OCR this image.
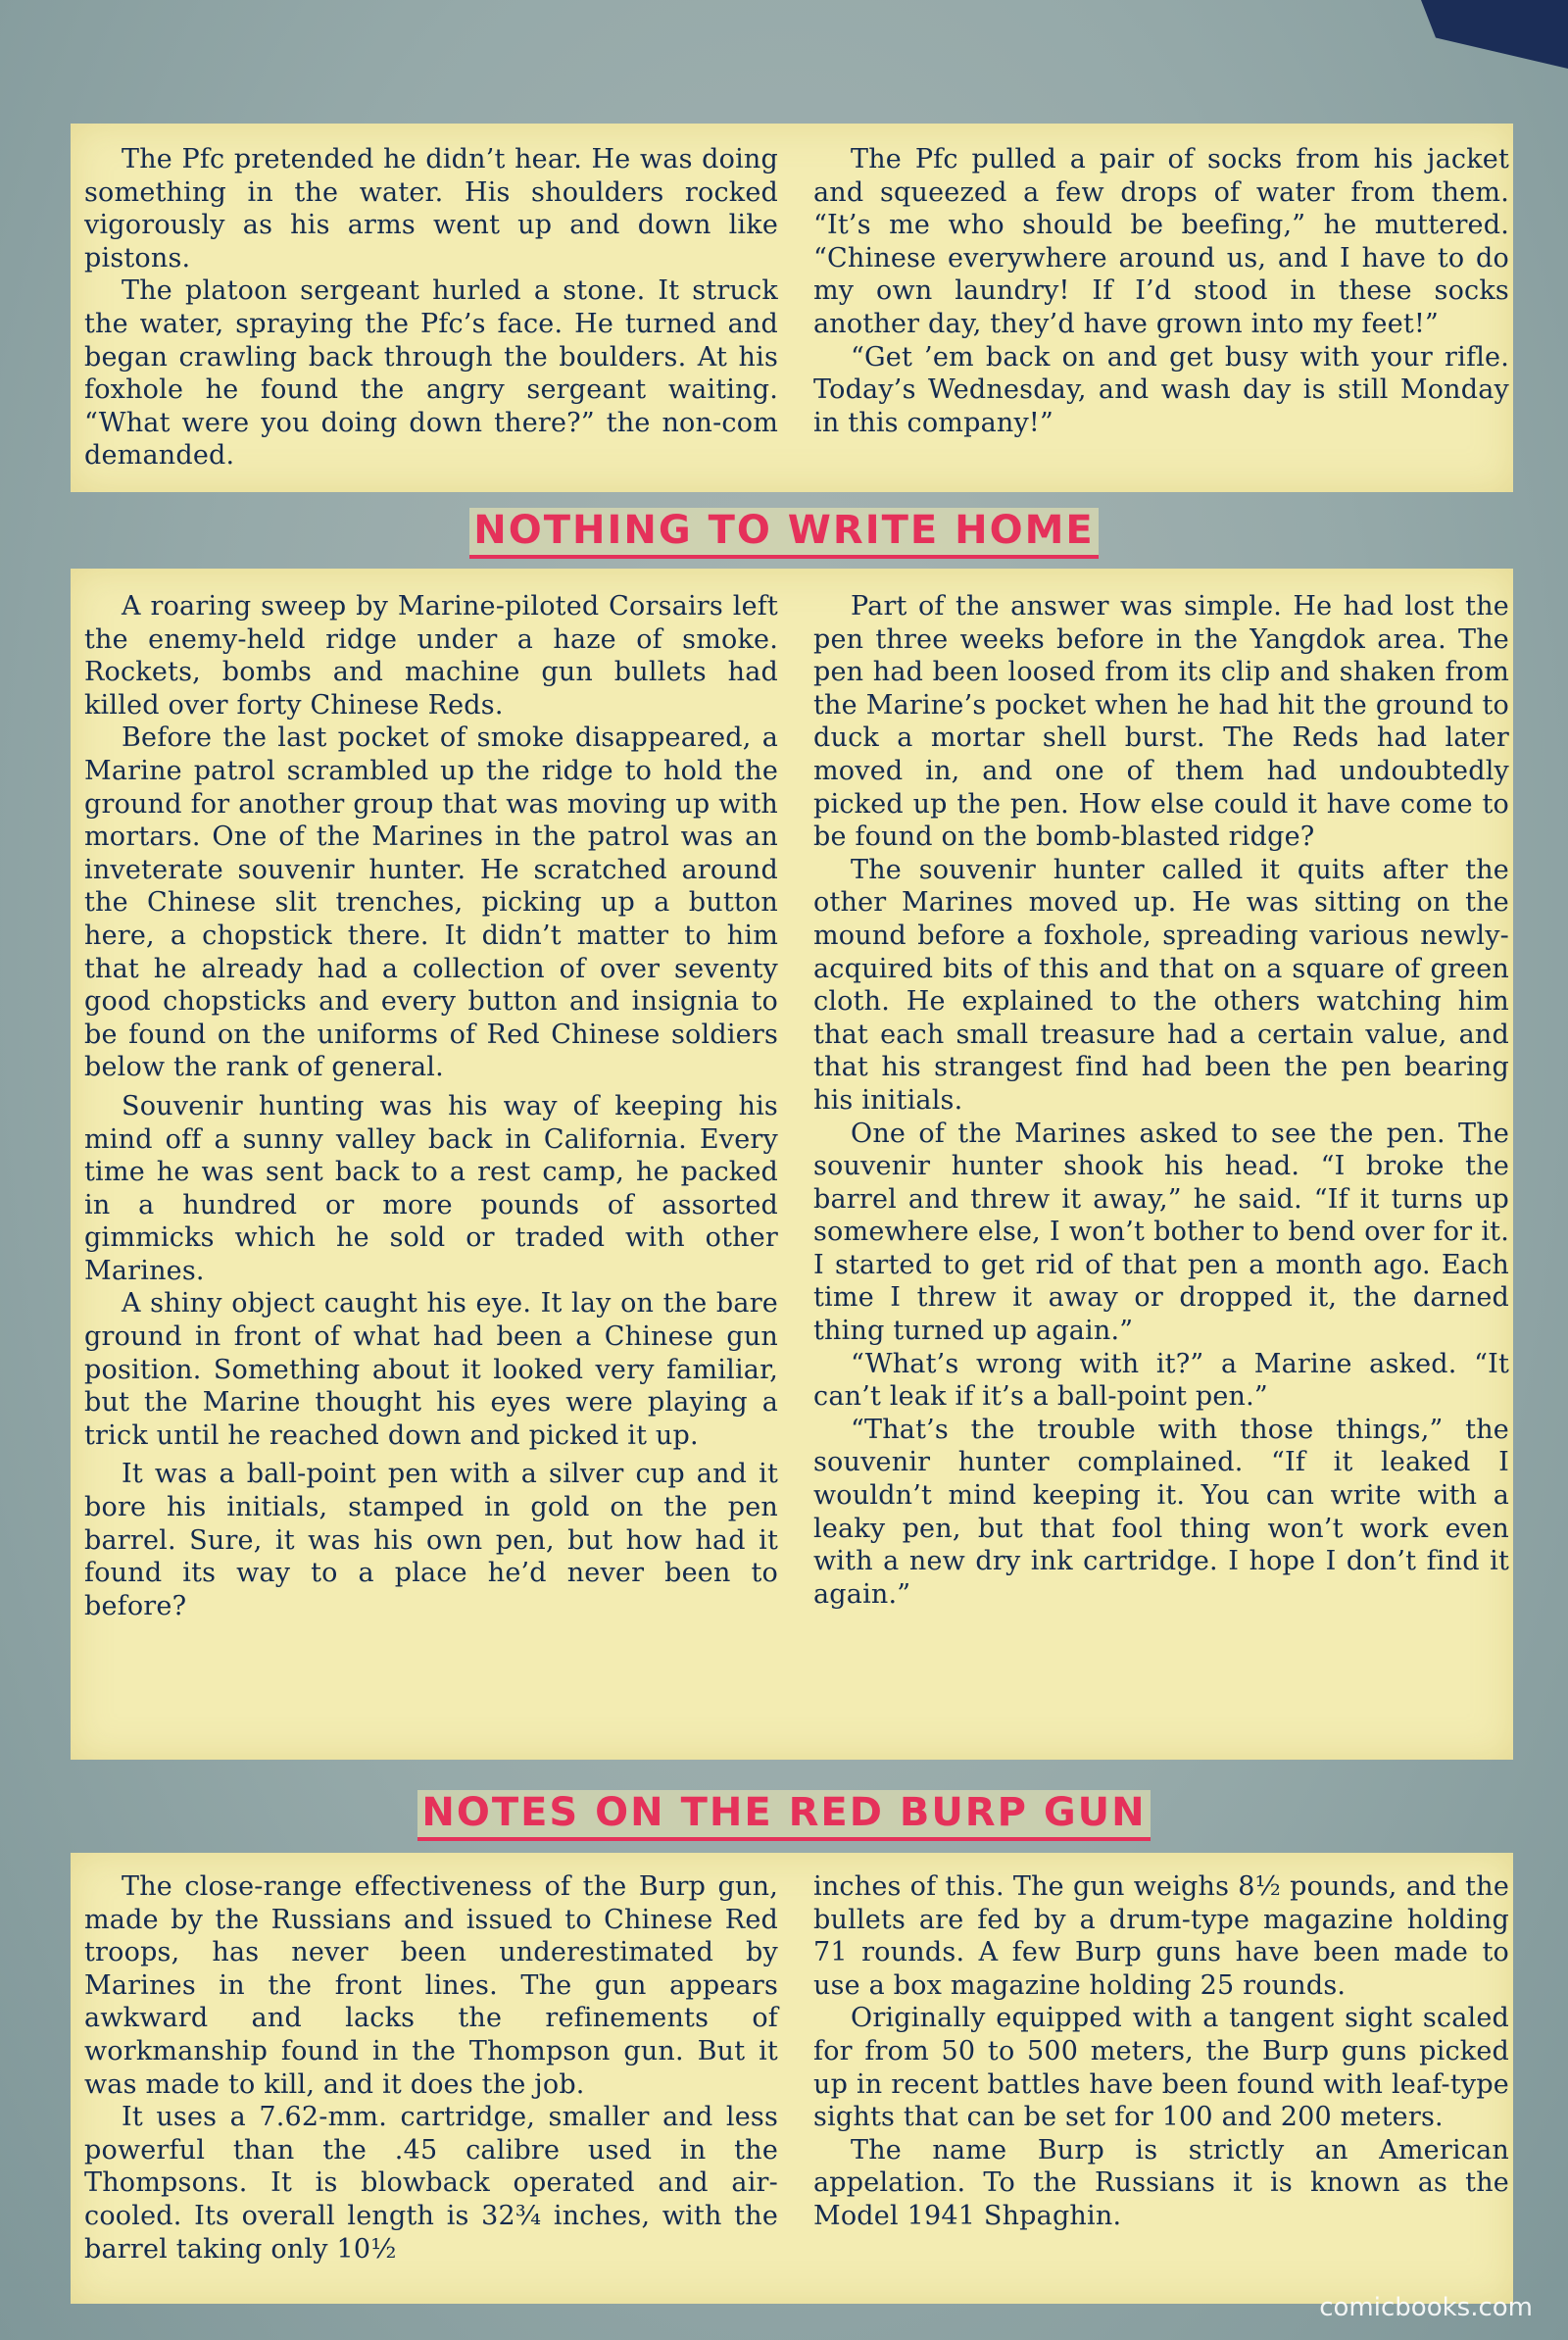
The Pfc pretended he didn’t hear. He was doing something in the water. His shoulders rocked vigorously as his arms went up and down like pistons.

The platoon sergeant hurled a stone. It struck the water, spraying the Pfc’s face. He turned and began crawling back through the boulders. At his foxhole he found the angry sergeant waiting. “What were you doing down there?” the non-com demanded.

The Pfc pulled a pair of socks from his jacket and squeezed a few drops of water from them. “It’s me who should be beefing,” he muttered. “Chinese everywhere around us, and I have to do my own laundry! If I’d stood in these socks another day, they’d have grown into my feet!”

“Get ’em back on and get busy with your rifle. Today’s Wednesday, and wash day is still Monday in this company!”

NOTHING TO WRITE HOME

A roaring sweep by Marine-piloted Corsairs left the enemy-held ridge under a haze of smoke. Rockets, bombs and machine gun bullets had killed over forty Chinese Reds.

Before the last pocket of smoke disappeared, a Marine patrol scrambled up the ridge to hold the ground for another group that was moving up with mortars. One of the Marines in the patrol was an inveterate souvenir hunter. He scratched around the Chinese slit trenches, picking up a button here, a chopstick there. It didn’t matter to him that he already had a collection of over seventy good chopsticks and every button and insignia to be found on the uniforms of Red Chinese soldiers below the rank of general.

Souvenir hunting was his way of keeping his mind off a sunny valley back in California. Every time he was sent back to a rest camp, he packed in a hundred or more pounds of assorted gimmicks which he sold or traded with other Marines.

A shiny object caught his eye. It lay on the bare ground in front of what had been a Chinese gun position. Something about it looked very familiar, but the Marine thought his eyes were playing a trick until he reached down and picked it up.

It was a ball-point pen with a silver cup and it bore his initials, stamped in gold on the pen barrel. Sure, it was his own pen, but how had it found its way to a place he’d never been to before?

Part of the answer was simple. He had lost the pen three weeks before in the Yangdok area. The pen had been loosed from its clip and shaken from the Marine’s pocket when he had hit the ground to duck a mortar shell burst. The Reds had later moved in, and one of them had undoubtedly picked up the pen. How else could it have come to be found on the bomb-blasted ridge?

The souvenir hunter called it quits after the other Marines moved up. He was sitting on the mound before a foxhole, spreading various newly-acquired bits of this and that on a square of green cloth. He explained to the others watching him that each small treasure had a certain value, and that his strangest find had been the pen bearing his initials.

One of the Marines asked to see the pen. The souvenir hunter shook his head. “I broke the barrel and threw it away,” he said. “If it turns up somewhere else, I won’t bother to bend over for it. I started to get rid of that pen a month ago. Each time I threw it away or dropped it, the darned thing turned up again.”

“What’s wrong with it?” a Marine asked. “It can’t leak if it’s a ball-point pen.”

“That’s the trouble with those things,” the souvenir hunter complained. “If it leaked I wouldn’t mind keeping it. You can write with a leaky pen, but that fool thing won’t work even with a new dry ink cartridge. I hope I don’t find it again.”

NOTES ON THE RED BURP GUN

The close-range effectiveness of the Burp gun, made by the Russians and issued to Chinese Red troops, has never been underestimated by Marines in the front lines. The gun appears awkward and lacks the refinements of workmanship found in the Thompson gun. But it was made to kill, and it does the job.

It uses a 7.62-mm. cartridge, smaller and less powerful than the .45 calibre used in the Thompsons. It is blowback operated and air-cooled. Its overall length is 32¾ inches, with the barrel taking only 10½

inches of this. The gun weighs 8½ pounds, and the bullets are fed by a drum-type magazine holding 71 rounds. A few Burp guns have been made to use a box magazine holding 25 rounds.

Originally equipped with a tangent sight scaled for from 50 to 500 meters, the Burp guns picked up in recent battles have been found with leaf-type sights that can be set for 100 and 200 meters.

The name Burp is strictly an American appelation. To the Russians it is known as the Model 1941 Shpaghin.

comicbooks.com
